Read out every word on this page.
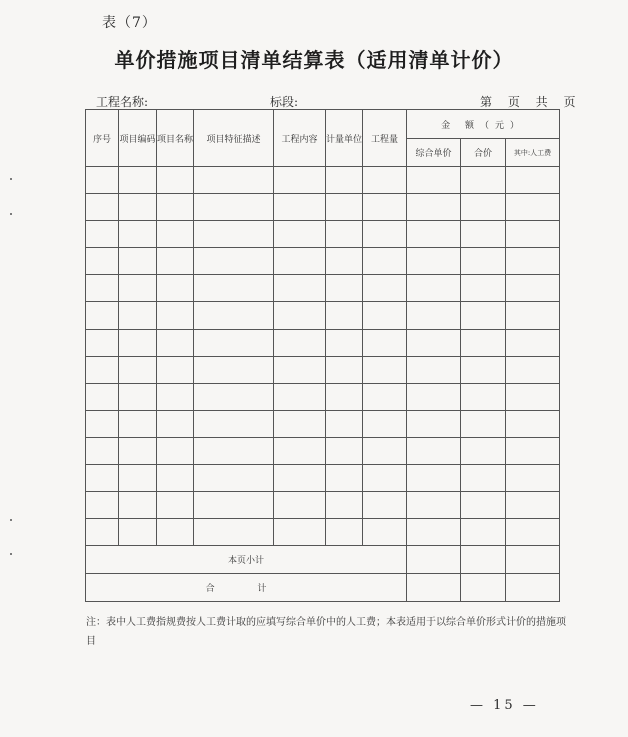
表（7）
单价措施项目清单结算表（适用清单计价）
工程名称:	标段:	第 页 共 页
序号	项目编码	项目名称	项目特征描述	工程内容	计量单位	工程量	金 额（元）		
							综合单价	合价	其中:人工费

本页小计									
合 计									
注：表中人工费指规费按人工费计取的应填写综合单价中的人工费；本表适用于以综合单价形式计价的措施项目
— 15 —
